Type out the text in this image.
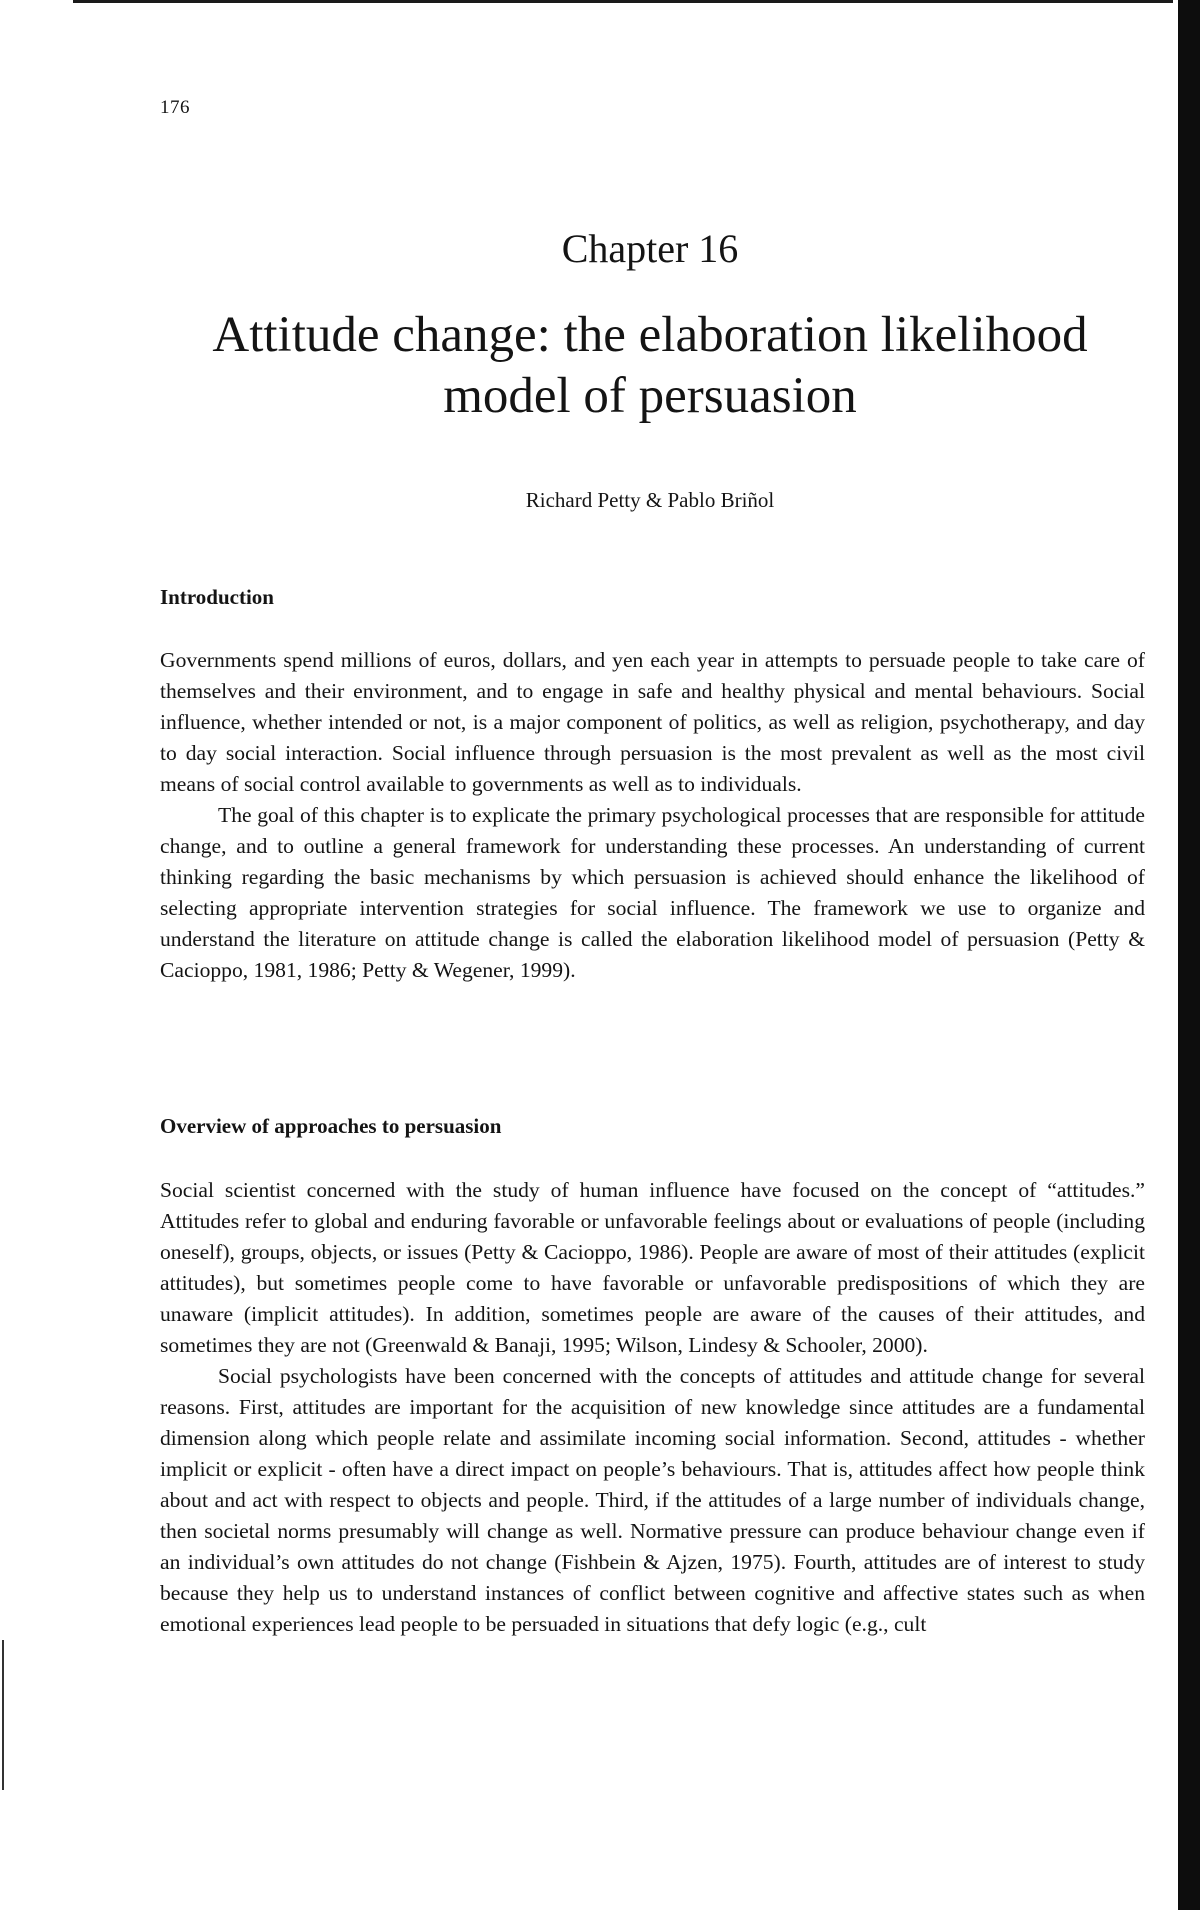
176
Chapter 16
Attitude change: the elaboration likelihood model of persuasion
Richard Petty & Pablo Briñol
Introduction

Governments spend millions of euros, dollars, and yen each year in attempts to persuade people to take care of themselves and their environment, and to engage in safe and healthy physical and mental behaviours. Social influence, whether intended or not, is a major component of politics, as well as religion, psychotherapy, and day to day social interaction. Social influence through persuasion is the most prevalent as well as the most civil means of social control available to governments as well as to individuals.

The goal of this chapter is to explicate the primary psychological processes that are responsible for attitude change, and to outline a general framework for understanding these processes. An understanding of current thinking regarding the basic mechanisms by which persuasion is achieved should enhance the likelihood of selecting appropriate intervention strategies for social influence. The framework we use to organize and understand the literature on attitude change is called the elaboration likelihood model of persuasion (Petty & Cacioppo, 1981, 1986; Petty & Wegener, 1999).

Overview of approaches to persuasion

Social scientist concerned with the study of human influence have focused on the concept of “attitudes.” Attitudes refer to global and enduring favorable or unfavorable feelings about or evaluations of people (including oneself), groups, objects, or issues (Petty & Cacioppo, 1986). People are aware of most of their attitudes (explicit attitudes), but sometimes people come to have favorable or unfavorable predispositions of which they are unaware (implicit attitudes). In addition, sometimes people are aware of the causes of their attitudes, and sometimes they are not (Greenwald & Banaji, 1995; Wilson, Lindesy & Schooler, 2000).

Social psychologists have been concerned with the concepts of attitudes and attitude change for several reasons. First, attitudes are important for the acquisition of new knowledge since attitudes are a fundamental dimension along which people relate and assimilate incoming social information. Second, attitudes - whether implicit or explicit - often have a direct impact on people’s behaviours. That is, attitudes affect how people think about and act with respect to objects and people. Third, if the attitudes of a large number of individuals change, then societal norms presumably will change as well. Normative pressure can produce behaviour change even if an individual’s own attitudes do not change (Fishbein & Ajzen, 1975). Fourth, attitudes are of interest to study because they help us to understand instances of conflict between cognitive and affective states such as when emotional experiences lead people to be persuaded in situations that defy logic (e.g., cult
